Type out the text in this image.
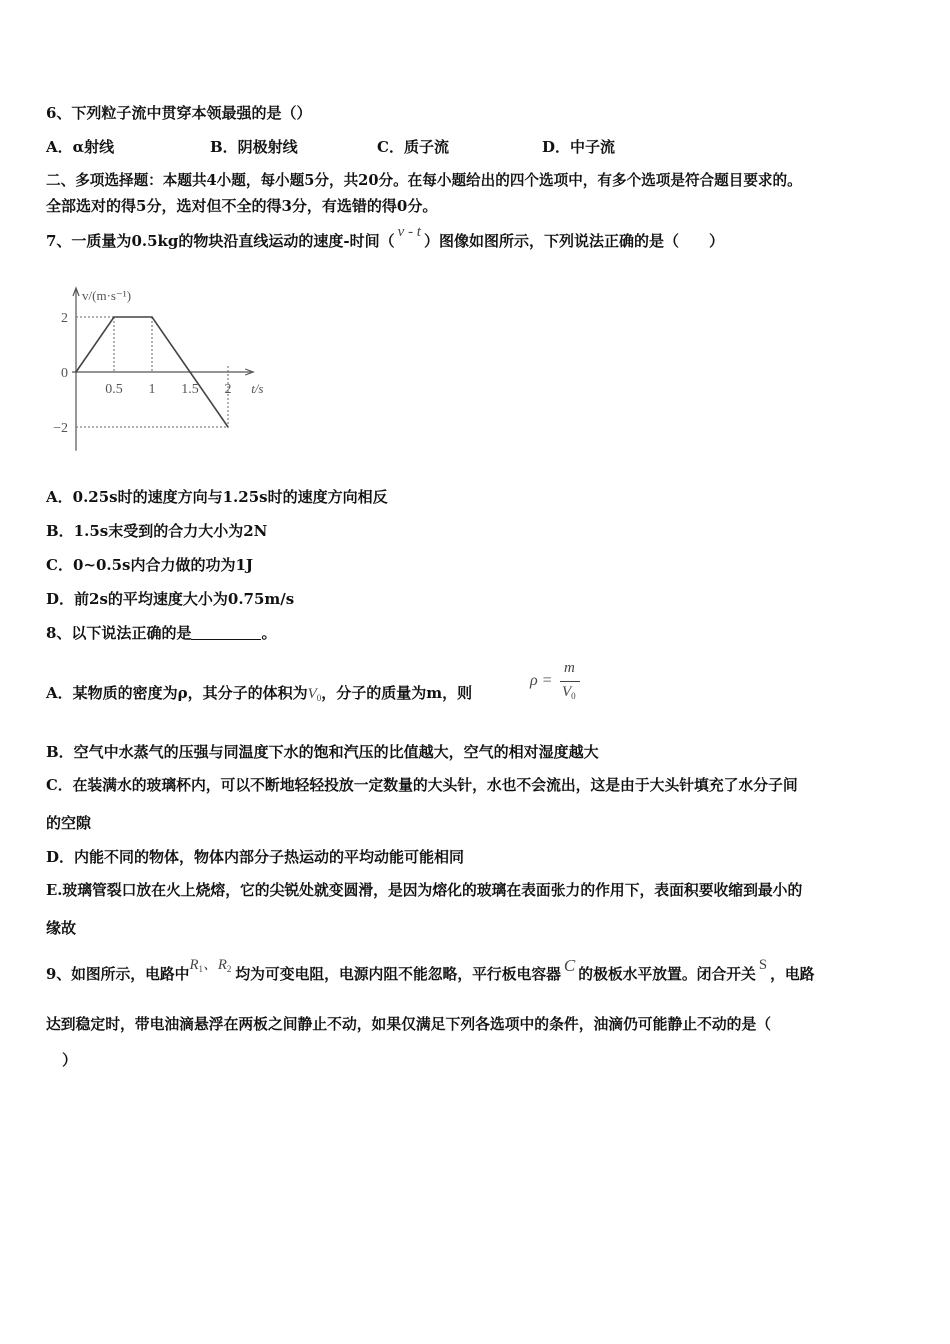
6、下列粒子流中贯穿本领最强的是（）
A．α射线	B．阴极射线	C．质子流	D．中子流
二、多项选择题：本题共4小题，每小题5分，共20分。在每小题给出的四个选项中，有多个选项是符合题目要求的。
全部选对的得5分，选对但不全的得3分，有选错的得0分。
7、一质量为0.5kg的物块沿直线运动的速度-时间（ v - t ）图像如图所示，下列说法正确的是（　　）
v/(m·s⁻¹)
t/s
2
0
−2
0.5 1 1.5 2
A．0.25s时的速度方向与1.25s时的速度方向相反
B．1.5s末受到的合力大小为2N
C．0~0.5s内合力做的功为1J
D．前2s的平均速度大小为0.75m/s
8、以下说法正确的是	。
A．某物质的密度为ρ，其分子的体积为$V_0$，分子的质量为m，则
ρ =
m
$V_0$
B．空气中水蒸气的压强与同温度下水的饱和汽压的比值越大，空气的相对湿度越大
C．在装满水的玻璃杯内，可以不断地轻轻投放一定数量的大头针，水也不会流出，这是由于大头针填充了水分子间
的空隙
D．内能不同的物体，物体内部分子热运动的平均动能可能相同
E.玻璃管裂口放在火上烧熔，它的尖锐处就变圆滑，是因为熔化的玻璃在表面张力的作用下，表面积要收缩到最小的
缘故
9、如图所示，电路中$R_1$、$R_2$ 均为可变电阻，电源内阻不能忽略，平行板电容器 C 的极板水平放置。闭合开关S，电路
达到稳定时，带电油滴悬浮在两板之间静止不动，如果仅满足下列各选项中的条件，油滴仍可能静止不动的是（
）
